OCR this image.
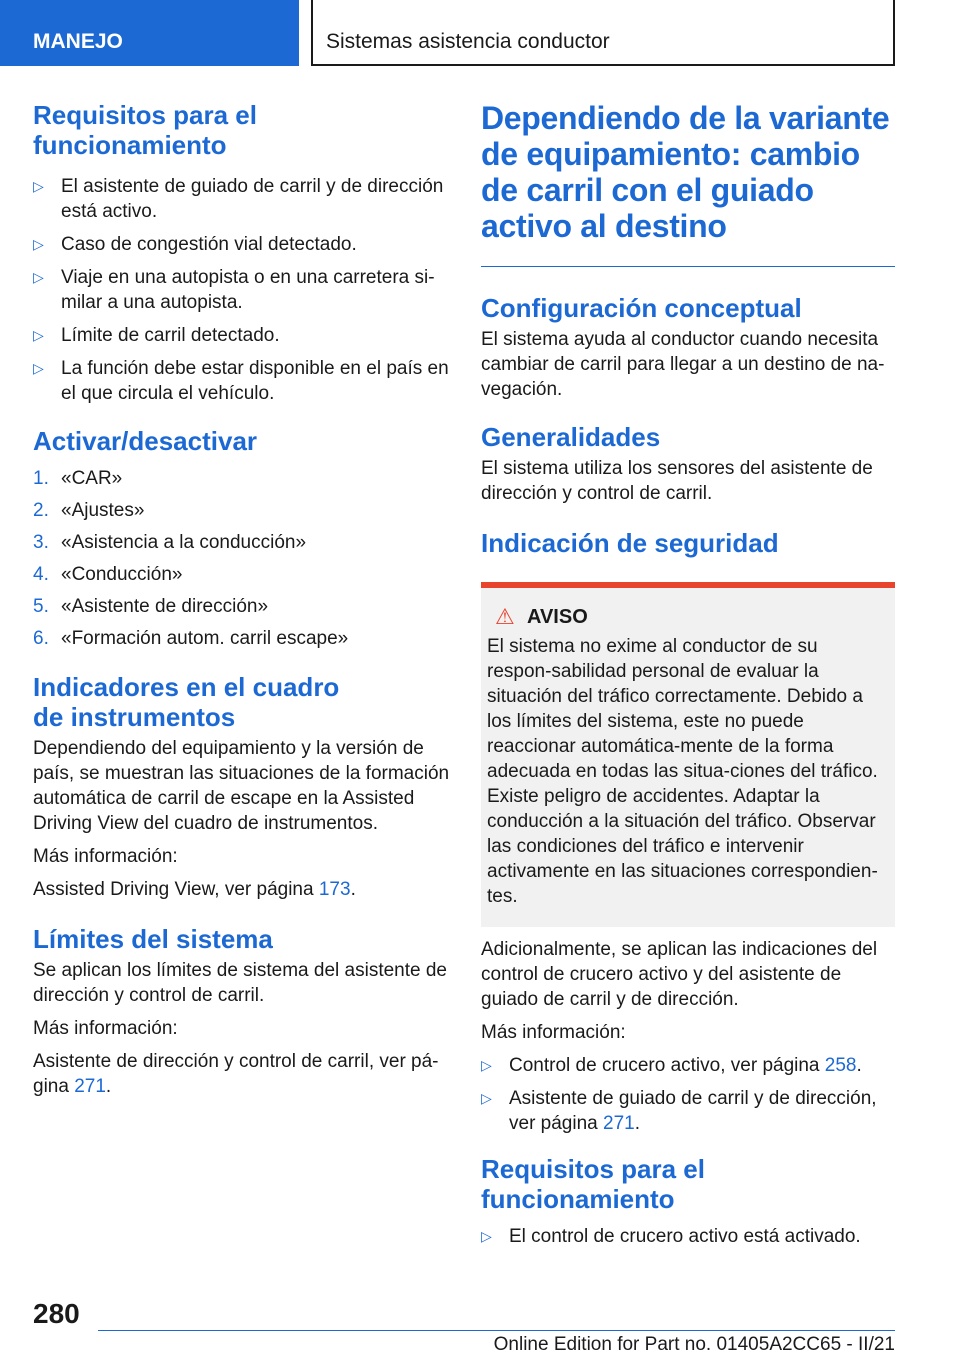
MANEJO	Sistemas asistencia conductor
Requisitos para el funcionamiento
▷ El asistente de guiado de carril y de dirección está activo.
▷ Caso de congestión vial detectado.
▷ Viaje en una autopista o en una carretera si-milar a una autopista.
▷ Límite de carril detectado.
▷ La función debe estar disponible en el país en el que circula el vehículo.
Activar/desactivar
1. «CAR»
2. «Ajustes»
3. «Asistencia a la conducción»
4. «Conducción»
5. «Asistente de dirección»
6. «Formación autom. carril escape»
Indicadores en el cuadro
de instrumentos

Dependiendo del equipamiento y la versión de país, se muestran las situaciones de la formación automática de carril de escape en la Assisted Driving View del cuadro de instrumentos.

Más información:

Assisted Driving View, ver página 173.

Límites del sistema

Se aplican los límites de sistema del asistente de dirección y control de carril.

Más información:

Asistente de dirección y control de carril, ver pá-gina 271.

Dependiendo de la variante de equipamiento: cambio de carril con el guiado activo al destino
Configuración conceptual

El sistema ayuda al conductor cuando necesita cambiar de carril para llegar a un destino de na-vegación.

Generalidades

El sistema utiliza los sensores del asistente de dirección y control de carril.

Indicación de seguridad
⚠ AVISO

El sistema no exime al conductor de su respon-sabilidad personal de evaluar la situación del tráfico correctamente. Debido a los límites del sistema, este no puede reaccionar automática-mente de la forma adecuada en todas las situa-ciones del tráfico. Existe peligro de accidentes. Adaptar la conducción a la situación del tráfico. Observar las condiciones del tráfico e intervenir activamente en las situaciones correspondien-tes.

Adicionalmente, se aplican las indicaciones del control de crucero activo y del asistente de guiado de carril y de dirección.

Más información:

▷ Control de crucero activo, ver página 258.
▷ Asistente de guiado de carril y de dirección, ver página 271.
Requisitos para el funcionamiento
▷ El control de crucero activo está activado.
280
Online Edition for Part no. 01405A2CC65 - II/21
